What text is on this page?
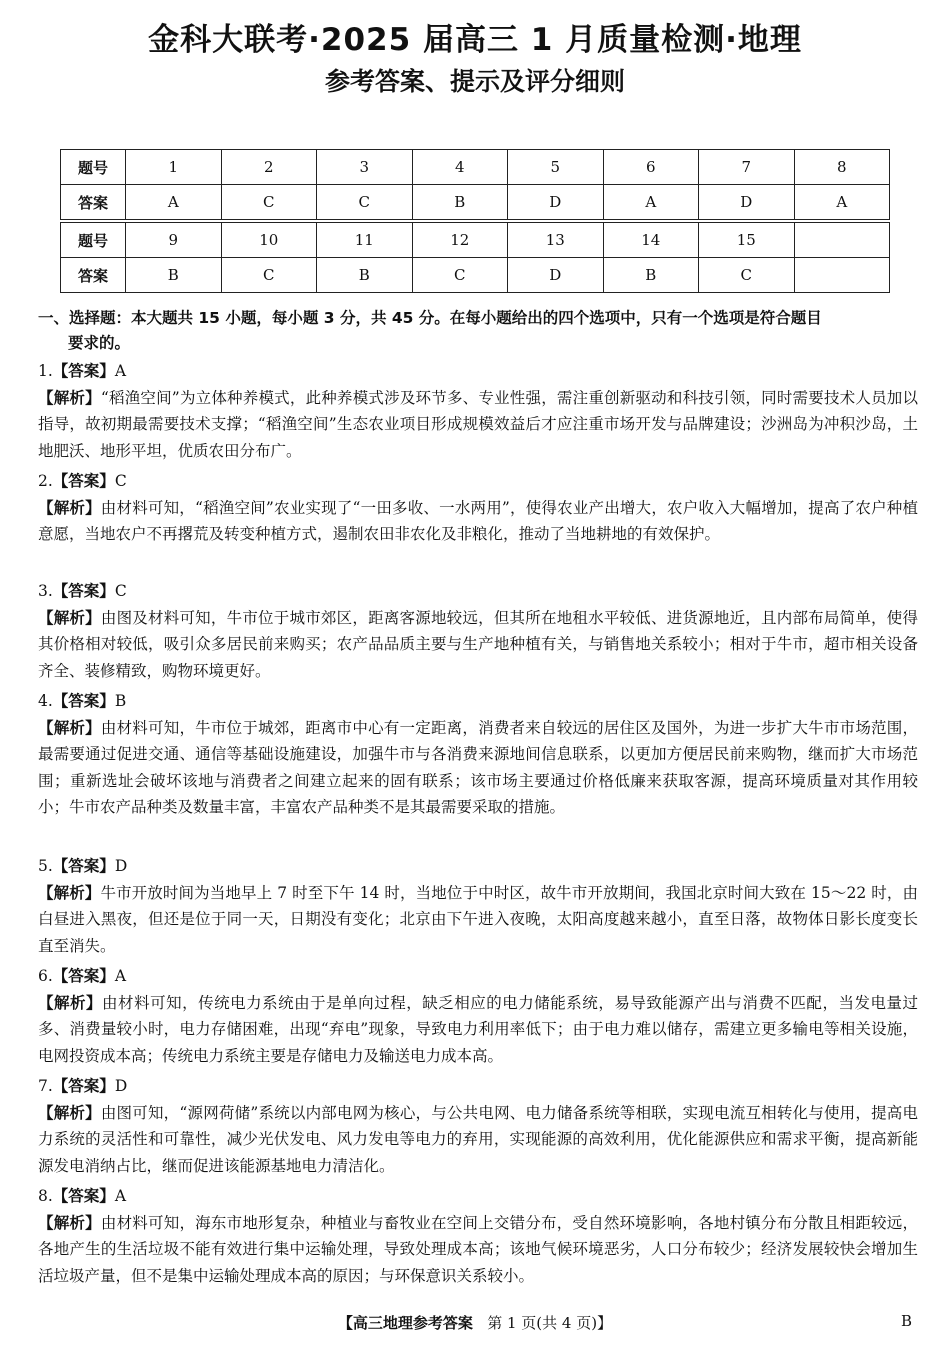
金科大联考·2025 届高三 1 月质量检测·地理
参考答案、提示及评分细则
题号	1	2	3	4	5	6	7	8
答案	A	C	C	B	D	A	D	A
题号	9	10	11	12	13	14	15	
答案	B	C	B	C	D	B	C	
一、选择题：本大题共 15 小题，每小题 3 分，共 45 分。在每小题给出的四个选项中，只有一个选项是符合题目
要求的。
1.【答案】A
【解析】“稻渔空间”为立体种养模式，此种养模式涉及环节多、专业性强，需注重创新驱动和科技引领，同时需要技术人员加以指导，故初期最需要技术支撑；“稻渔空间”生态农业项目形成规模效益后才应注重市场开发与品牌建设；沙洲岛为冲积沙岛，土地肥沃、地形平坦，优质农田分布广。
2.【答案】C
【解析】由材料可知，“稻渔空间”农业实现了“一田多收、一水两用”，使得农业产出增大，农户收入大幅增加，提高了农户种植意愿，当地农户不再撂荒及转变种植方式，遏制农田非农化及非粮化，推动了当地耕地的有效保护。
3.【答案】C
【解析】由图及材料可知，牛市位于城市郊区，距离客源地较远，但其所在地租水平较低、进货源地近，且内部布局简单，使得其价格相对较低，吸引众多居民前来购买；农产品品质主要与生产地种植有关，与销售地关系较小；相对于牛市，超市相关设备齐全、装修精致，购物环境更好。
4.【答案】B
【解析】由材料可知，牛市位于城郊，距离市中心有一定距离，消费者来自较远的居住区及国外，为进一步扩大牛市市场范围，最需要通过促进交通、通信等基础设施建设，加强牛市与各消费来源地间信息联系，以更加方便居民前来购物，继而扩大市场范围；重新选址会破坏该地与消费者之间建立起来的固有联系；该市场主要通过价格低廉来获取客源，提高环境质量对其作用较小；牛市农产品种类及数量丰富，丰富农产品种类不是其最需要采取的措施。
5.【答案】D
【解析】牛市开放时间为当地早上 7 时至下午 14 时，当地位于中时区，故牛市开放期间，我国北京时间大致在 15～22 时，由白昼进入黑夜，但还是位于同一天，日期没有变化；北京由下午进入夜晚，太阳高度越来越小，直至日落，故物体日影长度变长直至消失。
6.【答案】A
【解析】由材料可知，传统电力系统由于是单向过程，缺乏相应的电力储能系统，易导致能源产出与消费不匹配，当发电量过多、消费量较小时，电力存储困难，出现“弃电”现象，导致电力利用率低下；由于电力难以储存，需建立更多输电等相关设施，电网投资成本高；传统电力系统主要是存储电力及输送电力成本高。
7.【答案】D
【解析】由图可知，“源网荷储”系统以内部电网为核心，与公共电网、电力储备系统等相联，实现电流互相转化与使用，提高电力系统的灵活性和可靠性，减少光伏发电、风力发电等电力的弃用，实现能源的高效利用，优化能源供应和需求平衡，提高新能源发电消纳占比，继而促进该能源基地电力清洁化。
8.【答案】A
【解析】由材料可知，海东市地形复杂，种植业与畜牧业在空间上交错分布，受自然环境影响，各地村镇分布分散且相距较远，各地产生的生活垃圾不能有效进行集中运输处理，导致处理成本高；该地气候环境恶劣，人口分布较少；经济发展较快会增加生活垃圾产量，但不是集中运输处理成本高的原因；与环保意识关系较小。
【高三地理参考答案 第 1 页(共 4 页)】	B
